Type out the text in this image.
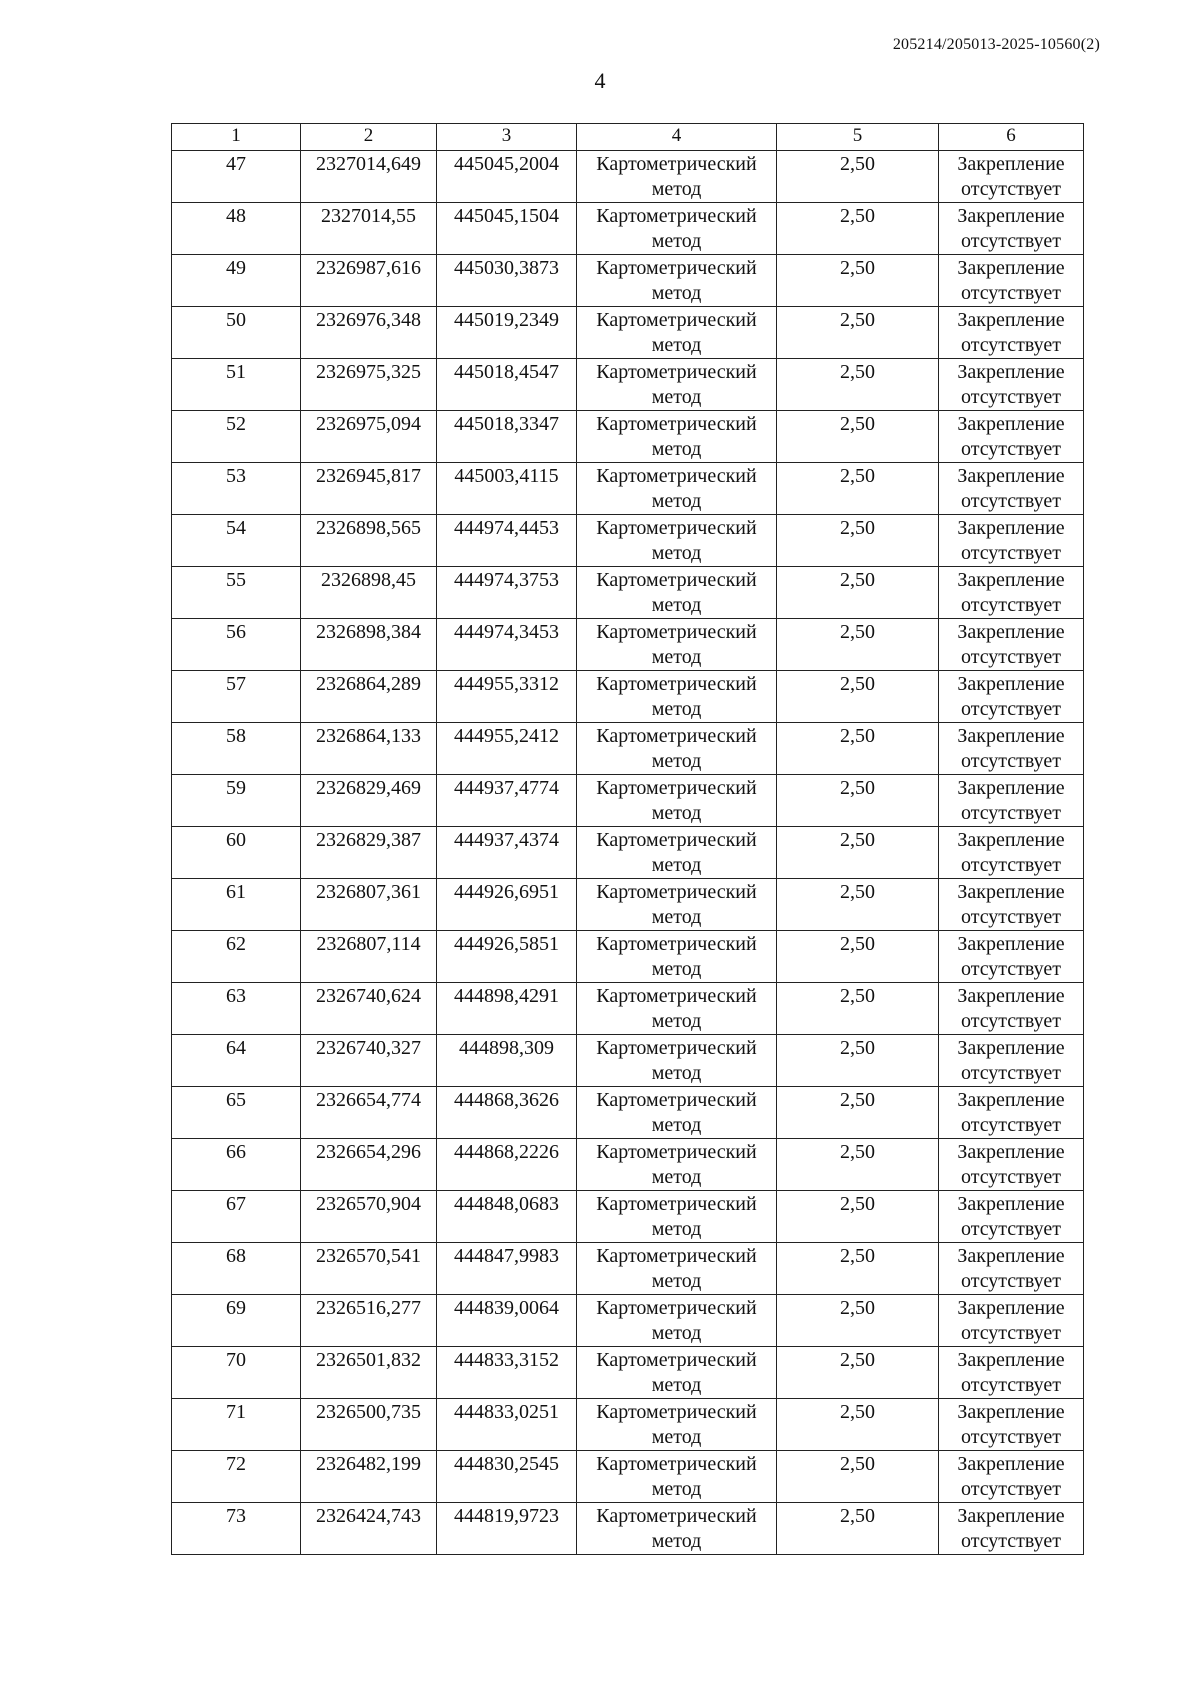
205214/205013-2025-10560(2)
4
1	2	3	4	5	6
47	2327014,649	445045,2004	Картометрический метод	2,50	Закрепление отсутствует
48	2327014,55	445045,1504	Картометрический метод	2,50	Закрепление отсутствует
49	2326987,616	445030,3873	Картометрический метод	2,50	Закрепление отсутствует
50	2326976,348	445019,2349	Картометрический метод	2,50	Закрепление отсутствует
51	2326975,325	445018,4547	Картометрический метод	2,50	Закрепление отсутствует
52	2326975,094	445018,3347	Картометрический метод	2,50	Закрепление отсутствует
53	2326945,817	445003,4115	Картометрический метод	2,50	Закрепление отсутствует
54	2326898,565	444974,4453	Картометрический метод	2,50	Закрепление отсутствует
55	2326898,45	444974,3753	Картометрический метод	2,50	Закрепление отсутствует
56	2326898,384	444974,3453	Картометрический метод	2,50	Закрепление отсутствует
57	2326864,289	444955,3312	Картометрический метод	2,50	Закрепление отсутствует
58	2326864,133	444955,2412	Картометрический метод	2,50	Закрепление отсутствует
59	2326829,469	444937,4774	Картометрический метод	2,50	Закрепление отсутствует
60	2326829,387	444937,4374	Картометрический метод	2,50	Закрепление отсутствует
61	2326807,361	444926,6951	Картометрический метод	2,50	Закрепление отсутствует
62	2326807,114	444926,5851	Картометрический метод	2,50	Закрепление отсутствует
63	2326740,624	444898,4291	Картометрический метод	2,50	Закрепление отсутствует
64	2326740,327	444898,309	Картометрический метод	2,50	Закрепление отсутствует
65	2326654,774	444868,3626	Картометрический метод	2,50	Закрепление отсутствует
66	2326654,296	444868,2226	Картометрический метод	2,50	Закрепление отсутствует
67	2326570,904	444848,0683	Картометрический метод	2,50	Закрепление отсутствует
68	2326570,541	444847,9983	Картометрический метод	2,50	Закрепление отсутствует
69	2326516,277	444839,0064	Картометрический метод	2,50	Закрепление отсутствует
70	2326501,832	444833,3152	Картометрический метод	2,50	Закрепление отсутствует
71	2326500,735	444833,0251	Картометрический метод	2,50	Закрепление отсутствует
72	2326482,199	444830,2545	Картометрический метод	2,50	Закрепление отсутствует
73	2326424,743	444819,9723	Картометрический метод	2,50	Закрепление отсутствует
